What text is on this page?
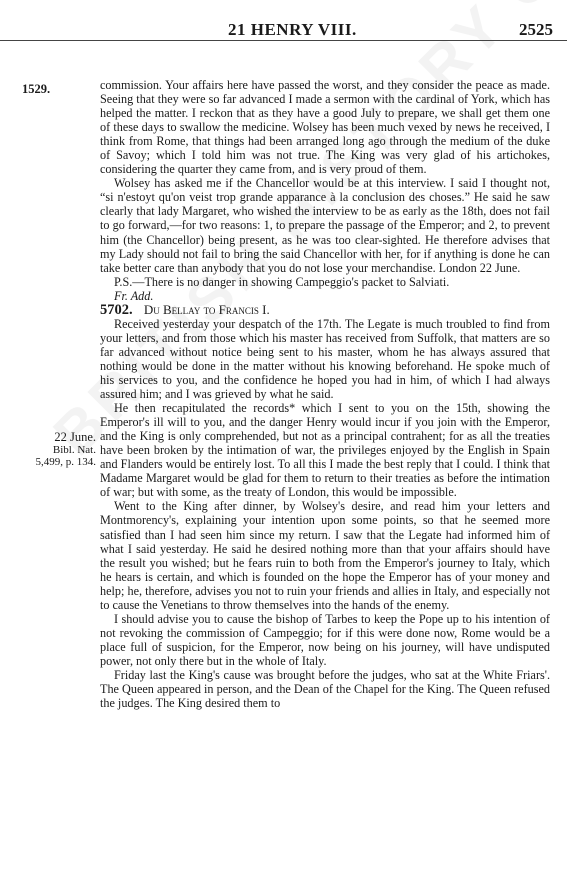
21 HENRY VIII.	2525
1529.
22 June.
Bibl. Nat.
5,499, p. 134.

commission. Your affairs here have passed the worst, and they consider the peace as made. Seeing that they were so far advanced I made a sermon with the cardinal of York, which has helped the matter. I reckon that as they have a good July to prepare, we shall get them one of these days to swallow the medicine. Wolsey has been much vexed by news he received, I think from Rome, that things had been arranged long ago through the medium of the duke of Savoy; which I told him was not true. The King was very glad of his artichokes, considering the quarter they came from, and is very proud of them.

Wolsey has asked me if the Chancellor would be at this interview. I said I thought not, “si n'estoyt qu'on veist trop grande apparance à la conclusion des choses.” He said he saw clearly that lady Margaret, who wished the interview to be as early as the 18th, does not fail to go forward,—for two reasons: 1, to prepare the passage of the Emperor; and 2, to prevent him (the Chancellor) being present, as he was too clear-sighted. He therefore advises that my Lady should not fail to bring the said Chancellor with her, for if anything is done he can take better care than anybody that you do not lose your merchandise. London 22 June.

P.S.—There is no danger in showing Campeggio's packet to Salviati.

Fr. Add.

5702. Du Bellay to Francis I.

Received yesterday your despatch of the 17th. The Legate is much troubled to find from your letters, and from those which his master has received from Suffolk, that matters are so far advanced without notice being sent to his master, whom he has always assured that nothing would be done in the matter without his knowing beforehand. He spoke much of his services to you, and the confidence he hoped you had in him, of which I had always assured him; and I was grieved by what he said.

He then recapitulated the records* which I sent to you on the 15th, showing the Emperor's ill will to you, and the danger Henry would incur if you join with the Emperor, and the King is only comprehended, but not as a principal contrahent; for as all the treaties have been broken by the intimation of war, the privileges enjoyed by the English in Spain and Flanders would be entirely lost. To all this I made the best reply that I could. I think that Madame Margaret would be glad for them to return to their treaties as before the intimation of war; but with some, as the treaty of London, this would be impossible.

Went to the King after dinner, by Wolsey's desire, and read him your letters and Montmorency's, explaining your intention upon some points, so that he seemed more satisfied than I had seen him since my return. I saw that the Legate had informed him of what I said yesterday. He said he desired nothing more than that your affairs should have the result you wished; but he fears ruin to both from the Emperor's journey to Italy, which he hears is certain, and which is founded on the hope the Emperor has of your money and help; he, therefore, advises you not to ruin your friends and allies in Italy, and especially not to cause the Venetians to throw themselves into the hands of the enemy.

I should advise you to cause the bishop of Tarbes to keep the Pope up to his intention of not revoking the commission of Campeggio; for if this were done now, Rome would be a place full of suspicion, for the Emperor, now being on his journey, will have undisputed power, not only there but in the whole of Italy.

Friday last the King's cause was brought before the judges, who sat at the White Friars'. The Queen appeared in person, and the Dean of the Chapel for the King. The Queen refused the judges. The King desired them to
